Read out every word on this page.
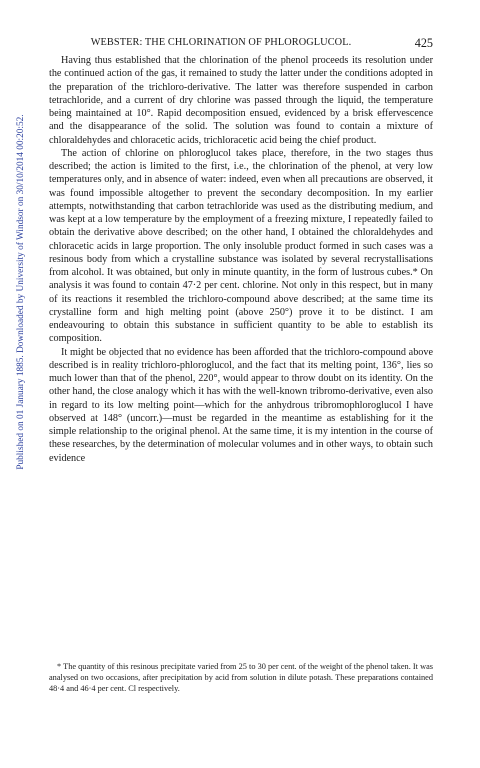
Published on 01 January 1885. Downloaded by University of Windsor on 30/10/2014 00:20:52.
WEBSTER: THE CHLORINATION OF PHLOROGLUCOL.	425

Having thus established that the chlorination of the phenol proceeds its resolution under the continued action of the gas, it remained to study the latter under the conditions adopted in the preparation of the trichloro-derivative. The latter was therefore suspended in carbon tetrachloride, and a current of dry chlorine was passed through the liquid, the temperature being maintained at 10°. Rapid decomposition ensued, evidenced by a brisk effervescence and the disappearance of the solid. The solution was found to contain a mixture of chloraldehydes and chloracetic acids, trichloracetic acid being the chief product.

The action of chlorine on phloroglucol takes place, therefore, in the two stages thus described; the action is limited to the first, i.e., the chlorination of the phenol, at very low temperatures only, and in absence of water: indeed, even when all precautions are observed, it was found impossible altogether to prevent the secondary decomposition. In my earlier attempts, notwithstanding that carbon tetrachloride was used as the distributing medium, and was kept at a low temperature by the employment of a freezing mixture, I repeatedly failed to obtain the derivative above described; on the other hand, I obtained the chloraldehydes and chloracetic acids in large proportion. The only insoluble product formed in such cases was a resinous body from which a crystalline substance was isolated by several recrystallisations from alcohol. It was obtained, but only in minute quantity, in the form of lustrous cubes.* On analysis it was found to contain 47·2 per cent. chlorine. Not only in this respect, but in many of its reactions it resembled the trichloro-compound above described; at the same time its crystalline form and high melting point (above 250°) prove it to be distinct. I am endeavouring to obtain this substance in sufficient quantity to be able to establish its composition.

It might be objected that no evidence has been afforded that the trichloro-compound above described is in reality trichloro-phloroglucol, and the fact that its melting point, 136°, lies so much lower than that of the phenol, 220°, would appear to throw doubt on its identity. On the other hand, the close analogy which it has with the well-known tribromo-derivative, even also in regard to its low melting point—which for the anhydrous tribromophloroglucol I have observed at 148° (uncorr.)—must be regarded in the meantime as establishing for it the simple relationship to the original phenol. At the same time, it is my intention in the course of these researches, by the determination of molecular volumes and in other ways, to obtain such evidence

* The quantity of this resinous precipitate varied from 25 to 30 per cent. of the weight of the phenol taken. It was analysed on two occasions, after precipitation by acid from solution in dilute potash. These preparations contained 48·4 and 46·4 per cent. Cl respectively.
